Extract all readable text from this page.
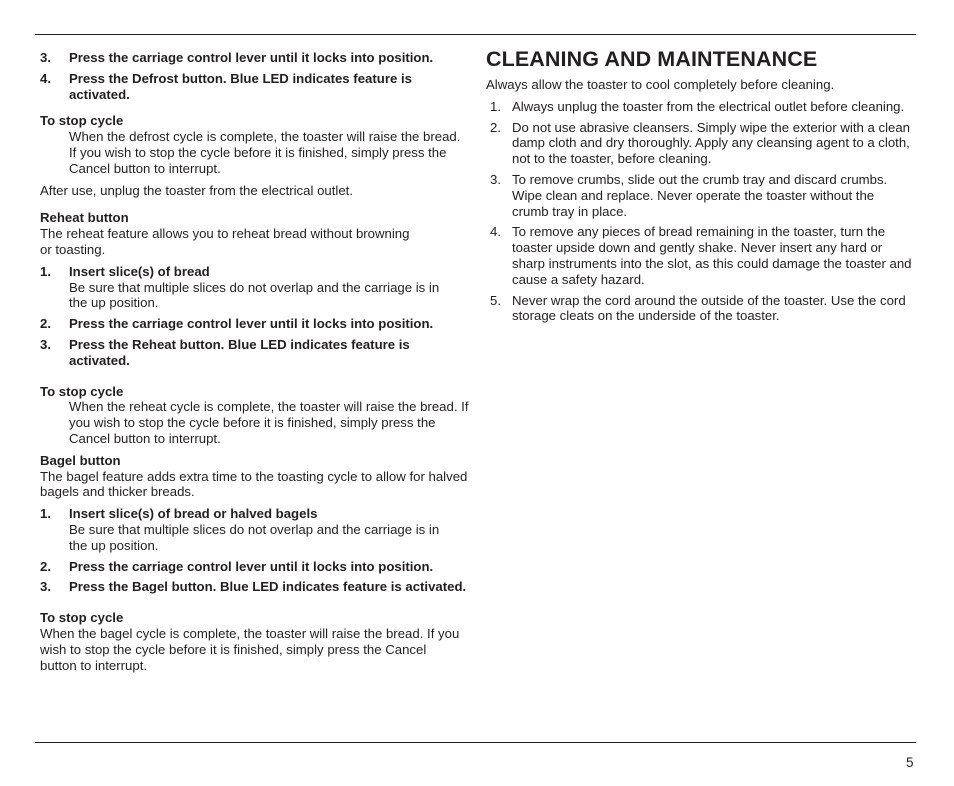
3.	Press the carriage control lever until it locks into position.
4.	Press the Defrost button. Blue LED indicates feature is activated.
To stop cycle
When the defrost cycle is complete, the toaster will raise the bread. If you wish to stop the cycle before it is finished, simply press the Cancel button to interrupt.
After use, unplug the toaster from the electrical outlet.
Reheat button
The reheat feature allows you to reheat bread without browning or toasting.
1.	Insert slice(s) of bread
Be sure that multiple slices do not overlap and the carriage is in the up position.
2.	Press the carriage control lever until it locks into position.
3.	Press the Reheat button. Blue LED indicates feature is activated.
To stop cycle
When the reheat cycle is complete, the toaster will raise the bread. If you wish to stop the cycle before it is finished, simply press the Cancel button to interrupt.
Bagel button
The bagel feature adds extra time to the toasting cycle to allow for halved bagels and thicker breads.
1.	Insert slice(s) of bread or halved bagels
Be sure that multiple slices do not overlap and the carriage is in the up position.
2.	Press the carriage control lever until it locks into position.
3.	Press the Bagel button. Blue LED indicates feature is activated.
To stop cycle
When the bagel cycle is complete, the toaster will raise the bread. If you wish to stop the cycle before it is finished, simply press the Cancel button to interrupt.
CLEANING AND MAINTENANCE
Always allow the toaster to cool completely before cleaning.
1. Always unplug the toaster from the electrical outlet before cleaning.
2. Do not use abrasive cleansers. Simply wipe the exterior with a clean damp cloth and dry thoroughly. Apply any cleansing agent to a cloth, not to the toaster, before cleaning.
3. To remove crumbs, slide out the crumb tray and discard crumbs. Wipe clean and replace. Never operate the toaster without the crumb tray in place.
4. To remove any pieces of bread remaining in the toaster, turn the toaster upside down and gently shake. Never insert any hard or sharp instruments into the slot, as this could damage the toaster and cause a safety hazard.
5. Never wrap the cord around the outside of the toaster. Use the cord storage cleats on the underside of the toaster.
5
